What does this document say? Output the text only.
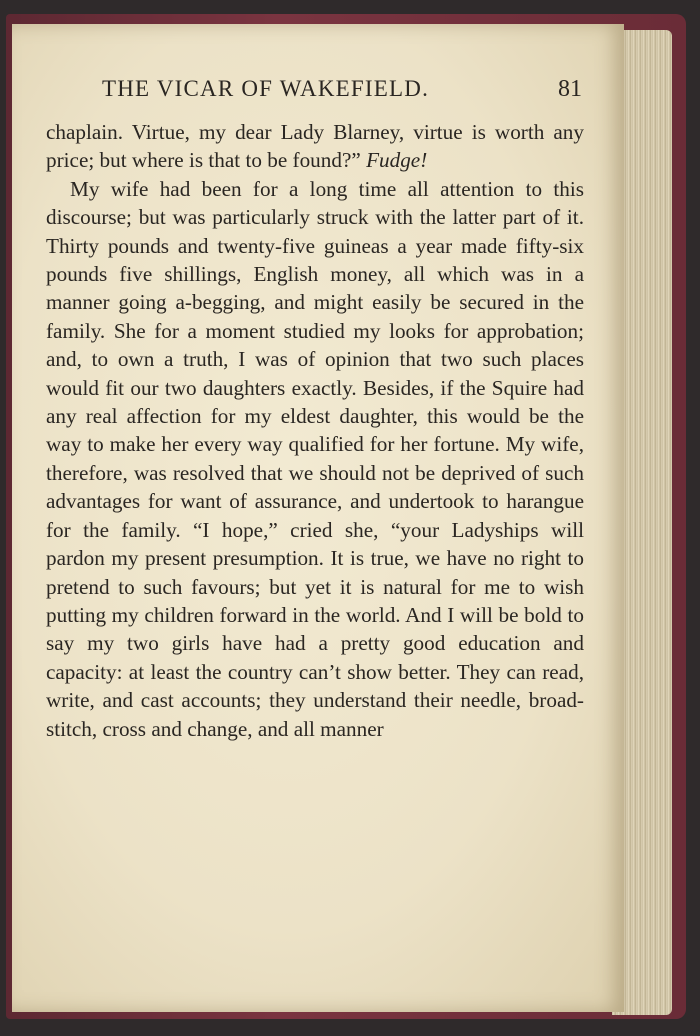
THE VICAR OF WAKEFIELD.	81

chaplain. Virtue, my dear Lady Blarney, virtue is worth any price; but where is that to be found?” Fudge!

My wife had been for a long time all attention to this discourse; but was particularly struck with the latter part of it. Thirty pounds and twenty-five guineas a year made fifty-six pounds five shillings, English money, all which was in a manner going a-begging, and might easily be secured in the family. She for a moment studied my looks for approbation; and, to own a truth, I was of opinion that two such places would fit our two daughters exactly. Besides, if the Squire had any real affection for my eldest daughter, this would be the way to make her every way qualified for her fortune. My wife, therefore, was resolved that we should not be deprived of such advantages for want of assurance, and undertook to harangue for the family. “I hope,” cried she, “your Ladyships will pardon my present presumption. It is true, we have no right to pretend to such favours; but yet it is natural for me to wish putting my children forward in the world. And I will be bold to say my two girls have had a pretty good education and capacity: at least the country can’t show better. They can read, write, and cast accounts; they understand their needle, broad-stitch, cross and change, and all manner
